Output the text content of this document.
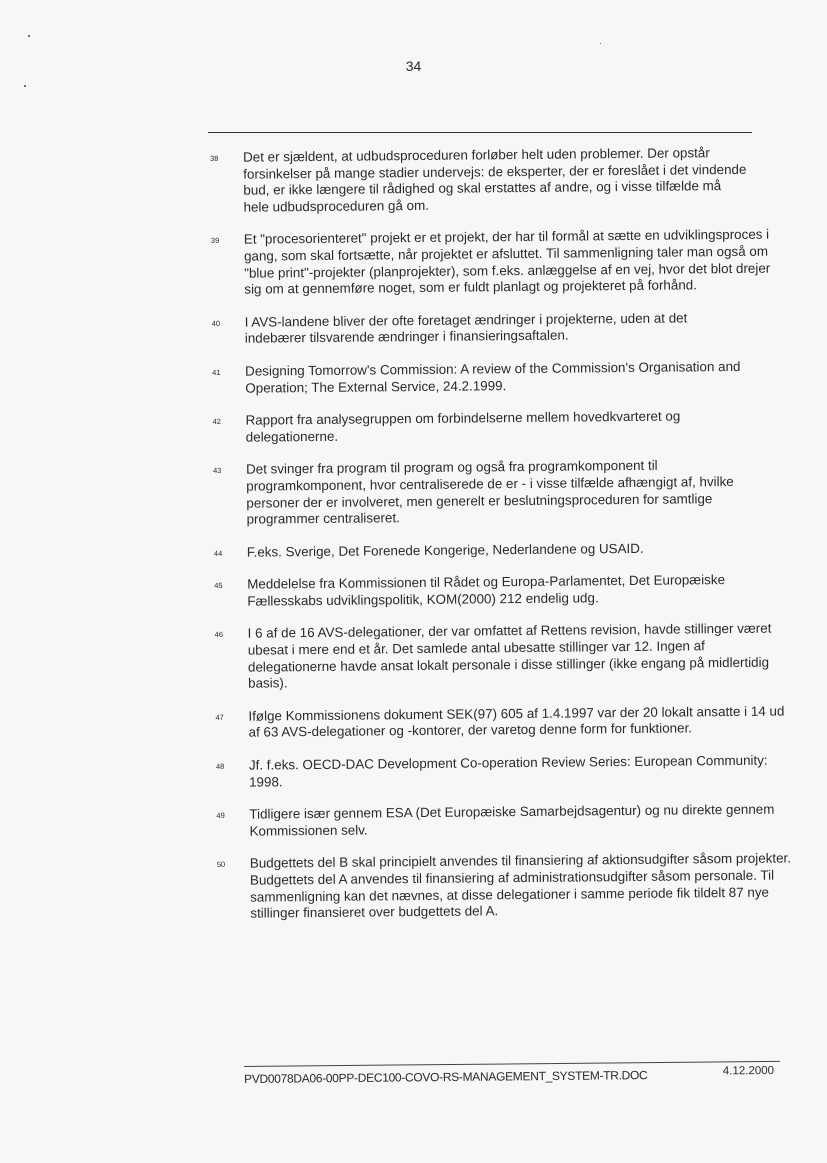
34
38 Det er sjældent, at udbudsproceduren forløber helt uden problemer. Der opstår forsinkelser på mange stadier undervejs: de eksperter, der er foreslået i det vindende bud, er ikke længere til rådighed og skal erstattes af andre, og i visse tilfælde må hele udbudsproceduren gå om.
39 Et "procesorienteret" projekt er et projekt, der har til formål at sætte en udviklingsproces i gang, som skal fortsætte, når projektet er afsluttet. Til sammenligning taler man også om "blue print"-projekter (planprojekter), som f.eks. anlæggelse af en vej, hvor det blot drejer sig om at gennemføre noget, som er fuldt planlagt og projekteret på forhånd.
40 I AVS-landene bliver der ofte foretaget ændringer i projekterne, uden at det indebærer tilsvarende ændringer i finansieringsaftalen.
41 Designing Tomorrow's Commission: A review of the Commission's Organisation and Operation; The External Service, 24.2.1999.
42 Rapport fra analysegruppen om forbindelserne mellem hovedkvarteret og delegationerne.
43 Det svinger fra program til program og også fra programkomponent til programkomponent, hvor centraliserede de er - i visse tilfælde afhængigt af, hvilke personer der er involveret, men generelt er beslutningsproceduren for samtlige programmer centraliseret.
44 F.eks. Sverige, Det Forenede Kongerige, Nederlandene og USAID.
45 Meddelelse fra Kommissionen til Rådet og Europa-Parlamentet, Det Europæiske Fællesskabs udviklingspolitik, KOM(2000) 212 endelig udg.
46 I 6 af de 16 AVS-delegationer, der var omfattet af Rettens revision, havde stillinger været ubesat i mere end et år. Det samlede antal ubesatte stillinger var 12. Ingen af delegationerne havde ansat lokalt personale i disse stillinger (ikke engang på midlertidig basis).
47 Ifølge Kommissionens dokument SEK(97) 605 af 1.4.1997 var der 20 lokalt ansatte i 14 ud af 63 AVS-delegationer og -kontorer, der varetog denne form for funktioner.
48 Jf. f.eks. OECD-DAC Development Co-operation Review Series: European Community: 1998.
49 Tidligere især gennem ESA (Det Europæiske Samarbejdsagentur) og nu direkte gennem Kommissionen selv.
50 Budgettets del B skal principielt anvendes til finansiering af aktionsudgifter såsom projekter. Budgettets del A anvendes til finansiering af administrationsudgifter såsom personale. Til sammenligning kan det nævnes, at disse delegationer i samme periode fik tildelt 87 nye stillinger finansieret over budgettets del A.
PVD0078DA06-00PP-DEC100-COVO-RS-MANAGEMENT_SYSTEM-TR.DOC	4.12.2000
